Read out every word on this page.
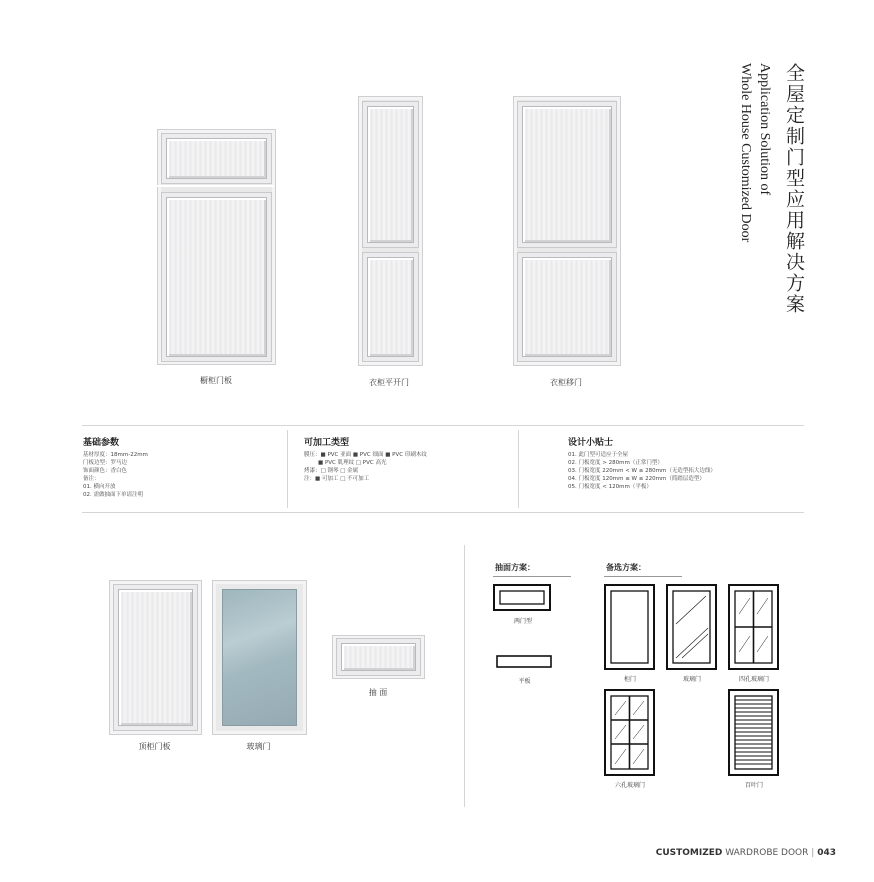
全屋定制门型应用解决方案
Application Solution of
Whole House Customized Door
橱柜门板	衣柜平开门	衣柜移门
基础参数
基材厚度：18mm-22mm
门板边型：罗马边
饰面颜色：香白色
备注：
01. 横向开放
02. 需做抽面下单请注明
可加工类型
膜压：■ PVC 亚面 ■ PVC 细面 ■ PVC 印刷木纹
■ PVC 肌理纹 □ PVC 高光
烤漆：□ 钢琴 □ 金属
注：■ 可加工 □ 不可加工
设计小贴士
01. 此门型可适应于全屋
02. 门板宽度 > 280mm（正常门型）
03. 门板宽度 220mm < W ≤ 280mm（无造型拓大边线）
04. 门板宽度 120mm ≤ W ≤ 220mm（简踏层造型）
05. 门板宽度 < 120mm（平板）
顶柜门板	玻璃门
抽 面
抽面方案：
两门型
平板
备选方案：
柜门	玻璃门	四孔玻璃门
六孔玻璃门	百叶门
CUSTOMIZED WARDROBE DOOR | 043
